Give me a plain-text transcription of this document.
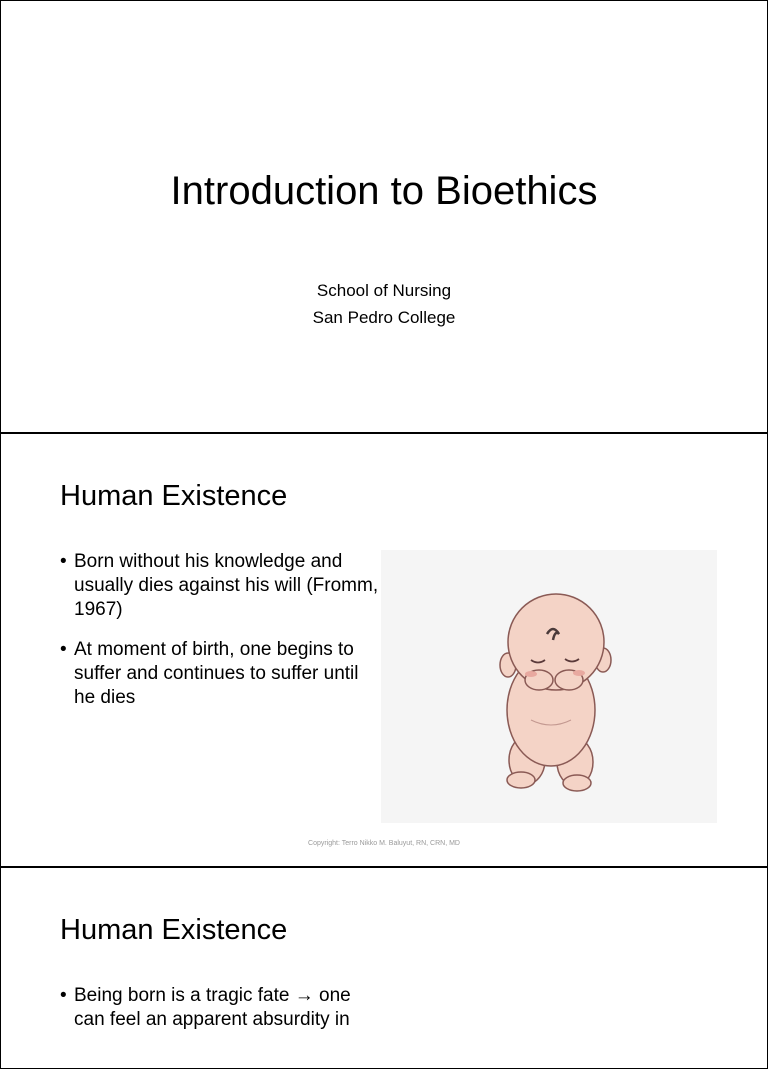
Introduction to Bioethics
School of Nursing
San Pedro College
Human Existence
• Born without his knowledge and usually dies against his will (Fromm, 1967)
• At moment of birth, one begins to suffer and continues to suffer until he dies
Copyright: Terro Nikko M. Baluyut, RN, CRN, MD
Human Existence
• Being born is a tragic fate → one can feel an apparent absurdity in
